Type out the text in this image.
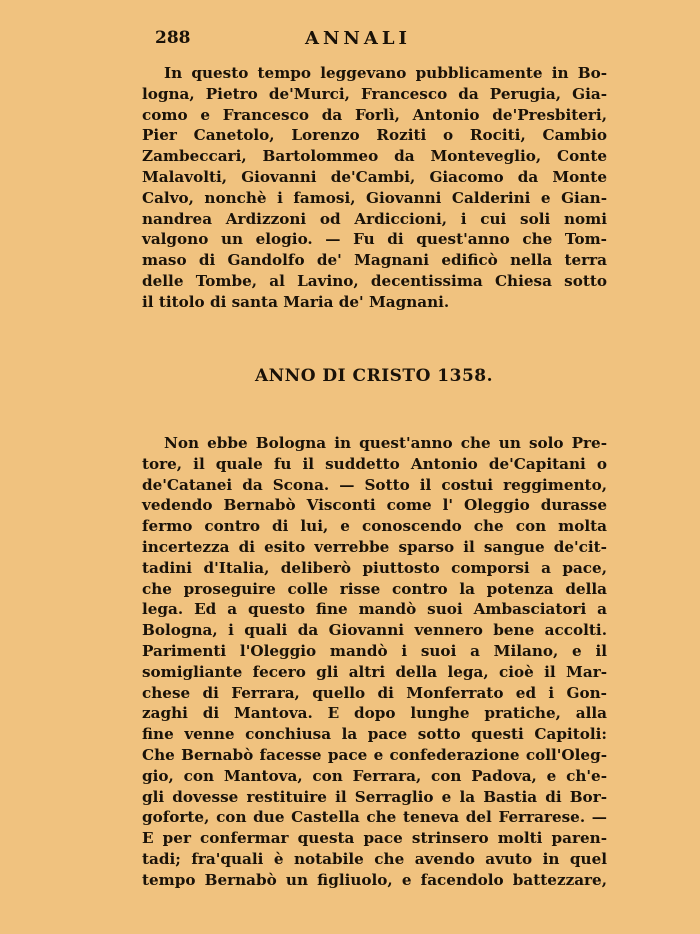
288	ANNALI
In questo tempo leggevano pubblicamente in Bo-
logna, Pietro de'Murci, Francesco da Perugia, Gia-
como e Francesco da Forlì, Antonio de'Presbiteri,
Pier Canetolo, Lorenzo Roziti o Rociti, Cambio
Zambeccari, Bartolommeo da Monteveglio, Conte
Malavolti, Giovanni de'Cambi, Giacomo da Monte
Calvo, nonchè i famosi, Giovanni Calderini e Gian-
nandrea Ardizzoni od Ardiccioni, i cui soli nomi
valgono un elogio. — Fu di quest'anno che Tom-
maso di Gandolfo de' Magnani edificò nella terra
delle Tombe, al Lavino, decentissima Chiesa sotto
il titolo di santa Maria de' Magnani.
ANNO DI CRISTO 1358.
Non ebbe Bologna in quest'anno che un solo Pre-
tore, il quale fu il suddetto Antonio de'Capitani o
de'Catanei da Scona. — Sotto il costui reggimento,
vedendo Bernabò Visconti come l' Oleggio durasse
fermo contro di lui, e conoscendo che con molta
incertezza di esito verrebbe sparso il sangue de'cit-
tadini d'Italia, deliberò piuttosto comporsi a pace,
che proseguire colle risse contro la potenza della
lega. Ed a questo fine mandò suoi Ambasciatori a
Bologna, i quali da Giovanni vennero bene accolti.
Parimenti l'Oleggio mandò i suoi a Milano, e il
somigliante fecero gli altri della lega, cioè il Mar-
chese di Ferrara, quello di Monferrato ed i Gon-
zaghi di Mantova. E dopo lunghe pratiche, alla
fine venne conchiusa la pace sotto questi Capitoli:
Che Bernabò facesse pace e confederazione coll'Oleg-
gio, con Mantova, con Ferrara, con Padova, e ch'e-
gli dovesse restituire il Serraglio e la Bastia di Bor-
goforte, con due Castella che teneva del Ferrarese. —
E per confermar questa pace strinsero molti paren-
tadi; fra'quali è notabile che avendo avuto in quel
tempo Bernabò un figliuolo, e facendolo battezzare,
